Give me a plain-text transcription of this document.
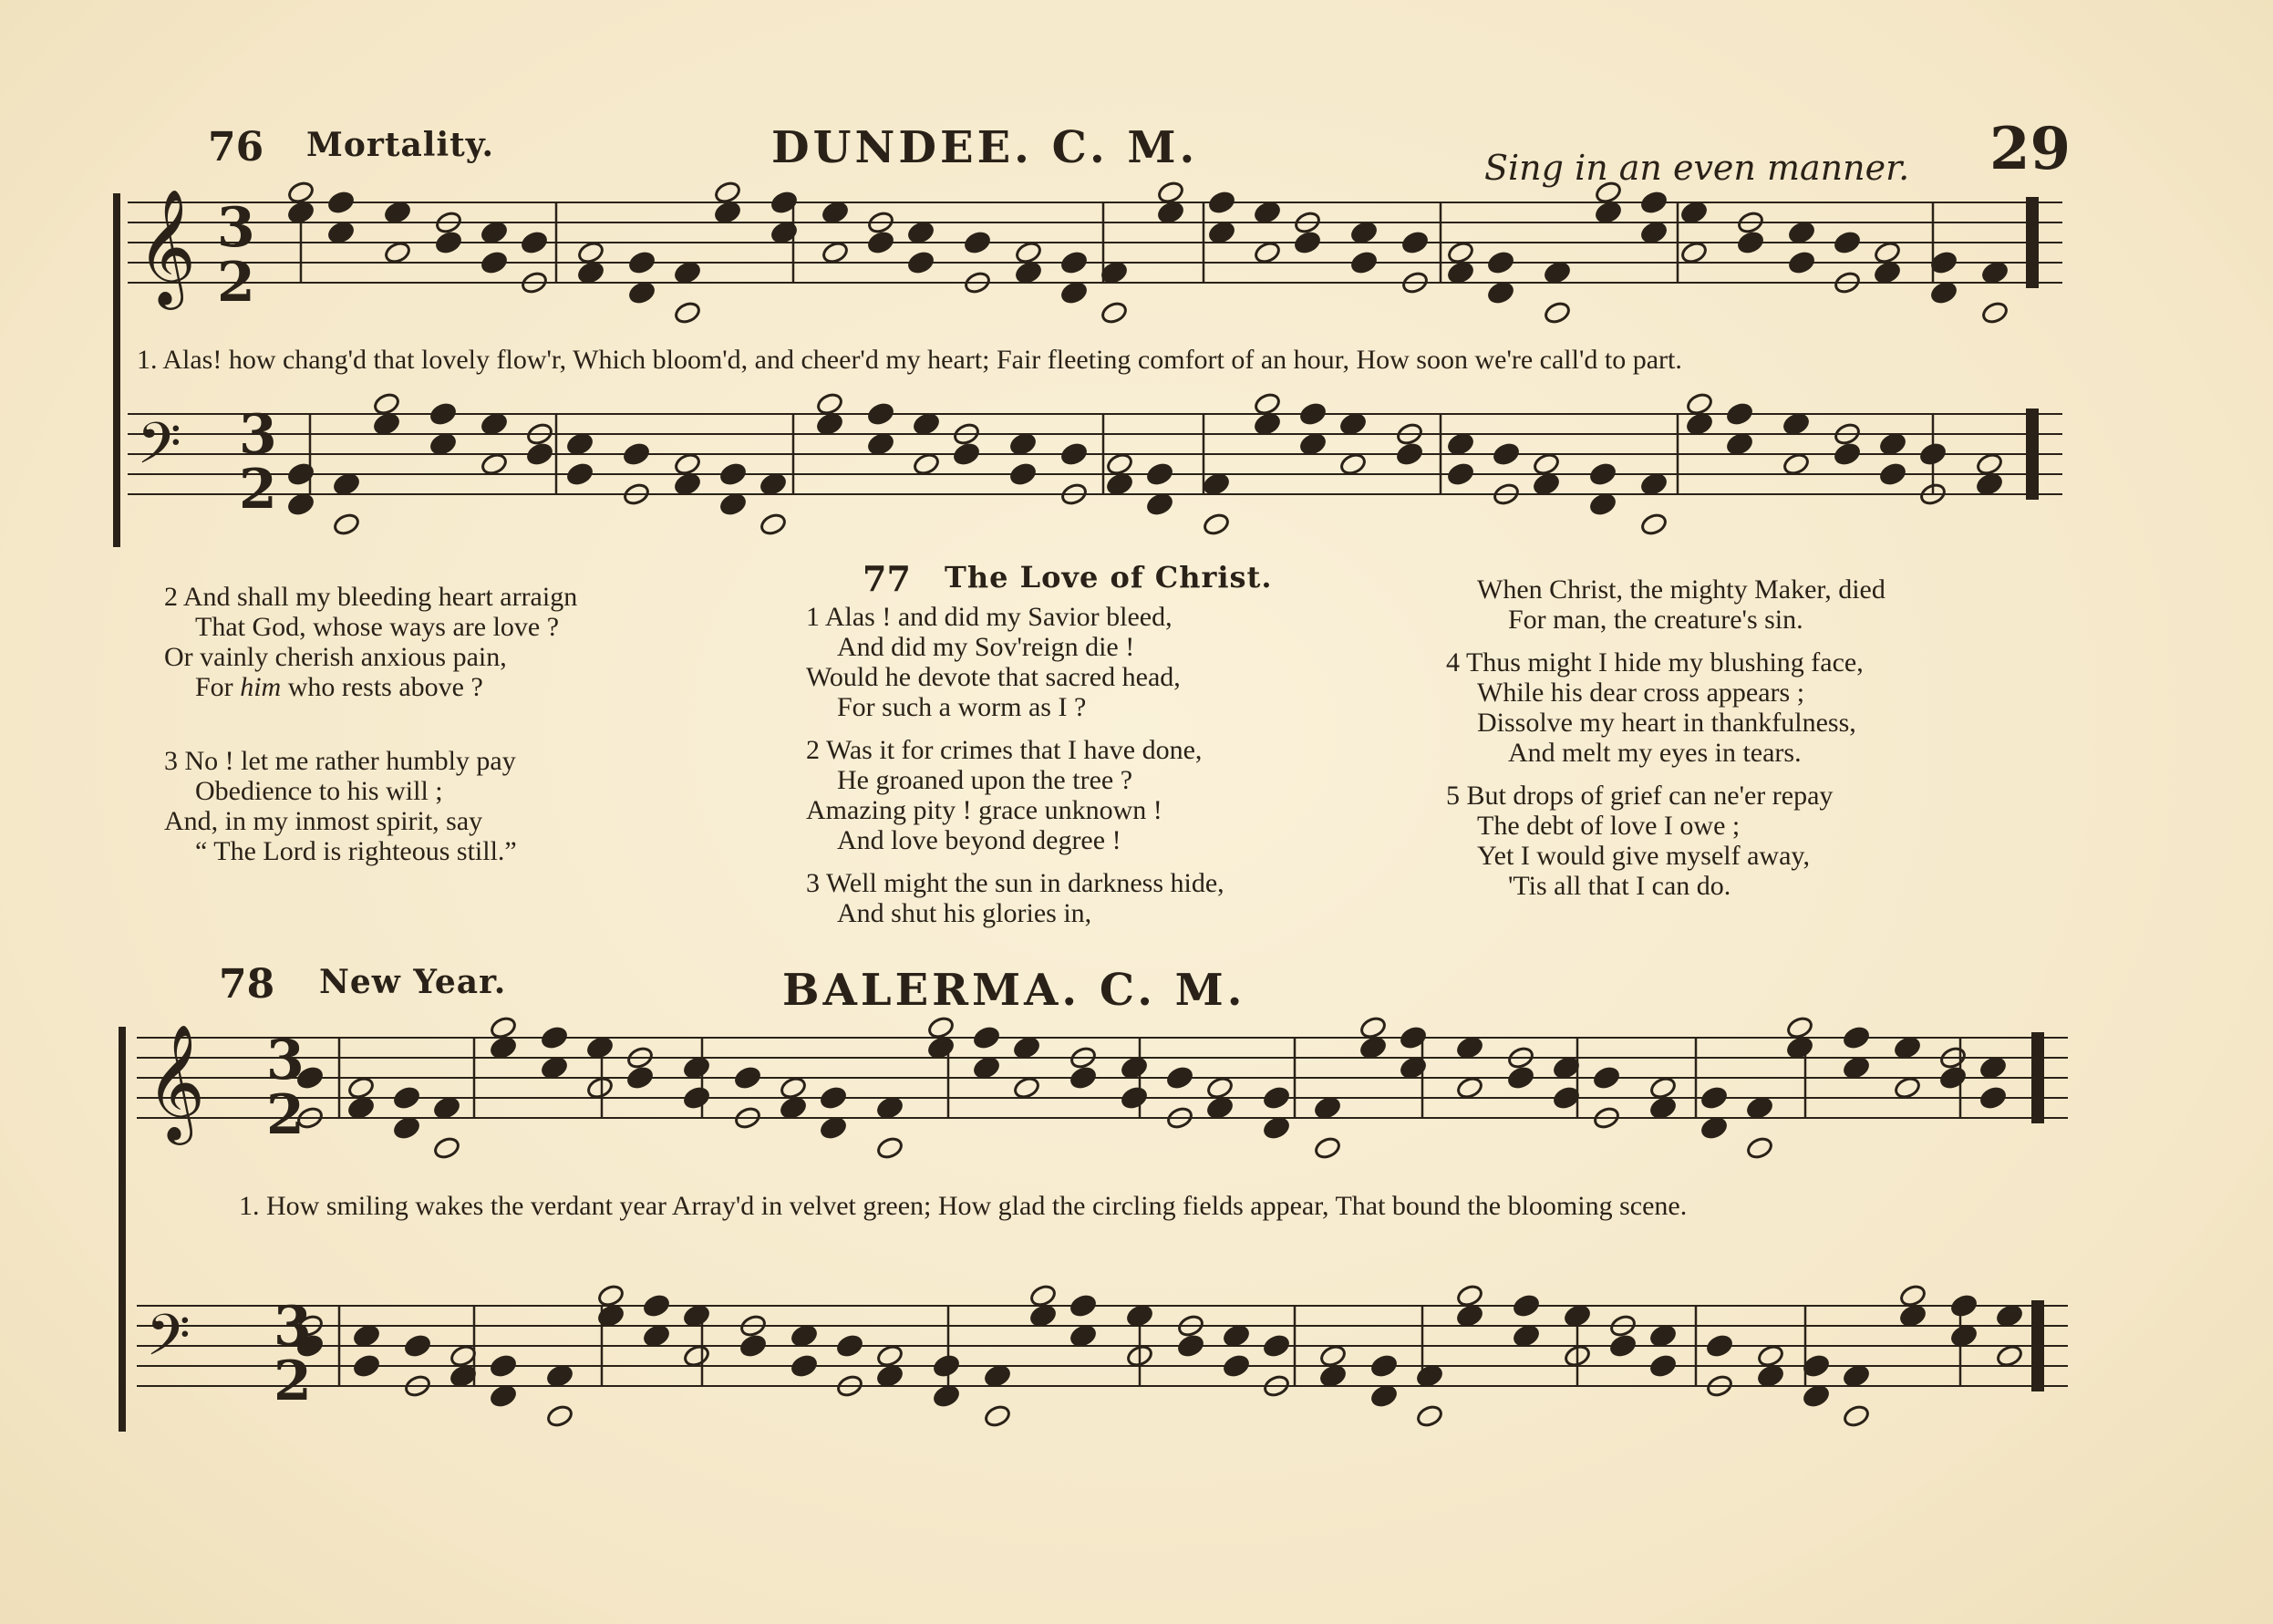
76 Mortality.	DUNDEE. C. M.	Sing in an even manner. 29
𝄞
𝄢
𝄞
𝄢
3
2
3
2
3
2
3
2
1. Alas! how chang'd that lovely flow'r, Which bloom'd, and cheer'd my heart; Fair fleeting comfort of an hour, How soon we're call'd to part.
2 And shall my bleeding heart arraign
That God, whose ways are love ?
Or vainly cherish anxious pain,
For him who rests above ?
3 No ! let me rather humbly pay
Obedience to his will ;
And, in my inmost spirit, say
“ The Lord is righteous still.”
77 The Love of Christ.
1 Alas ! and did my Savior bleed,
And did my Sov'reign die !
Would he devote that sacred head,
For such a worm as I ?
2 Was it for crimes that I have done,
He groaned upon the tree ?
Amazing pity ! grace unknown !
And love beyond degree !
3 Well might the sun in darkness hide,
And shut his glories in,
When Christ, the mighty Maker, died
For man, the creature's sin.
4 Thus might I hide my blushing face,
While his dear cross appears ;
Dissolve my heart in thankfulness,
And melt my eyes in tears.
5 But drops of grief can ne'er repay
The debt of love I owe ;
Yet I would give myself away,
'Tis all that I can do.
78 New Year.	BALERMA. C. M.
1. How smiling wakes the verdant year Array'd in velvet green; How glad the circling fields appear, That bound the blooming scene.
